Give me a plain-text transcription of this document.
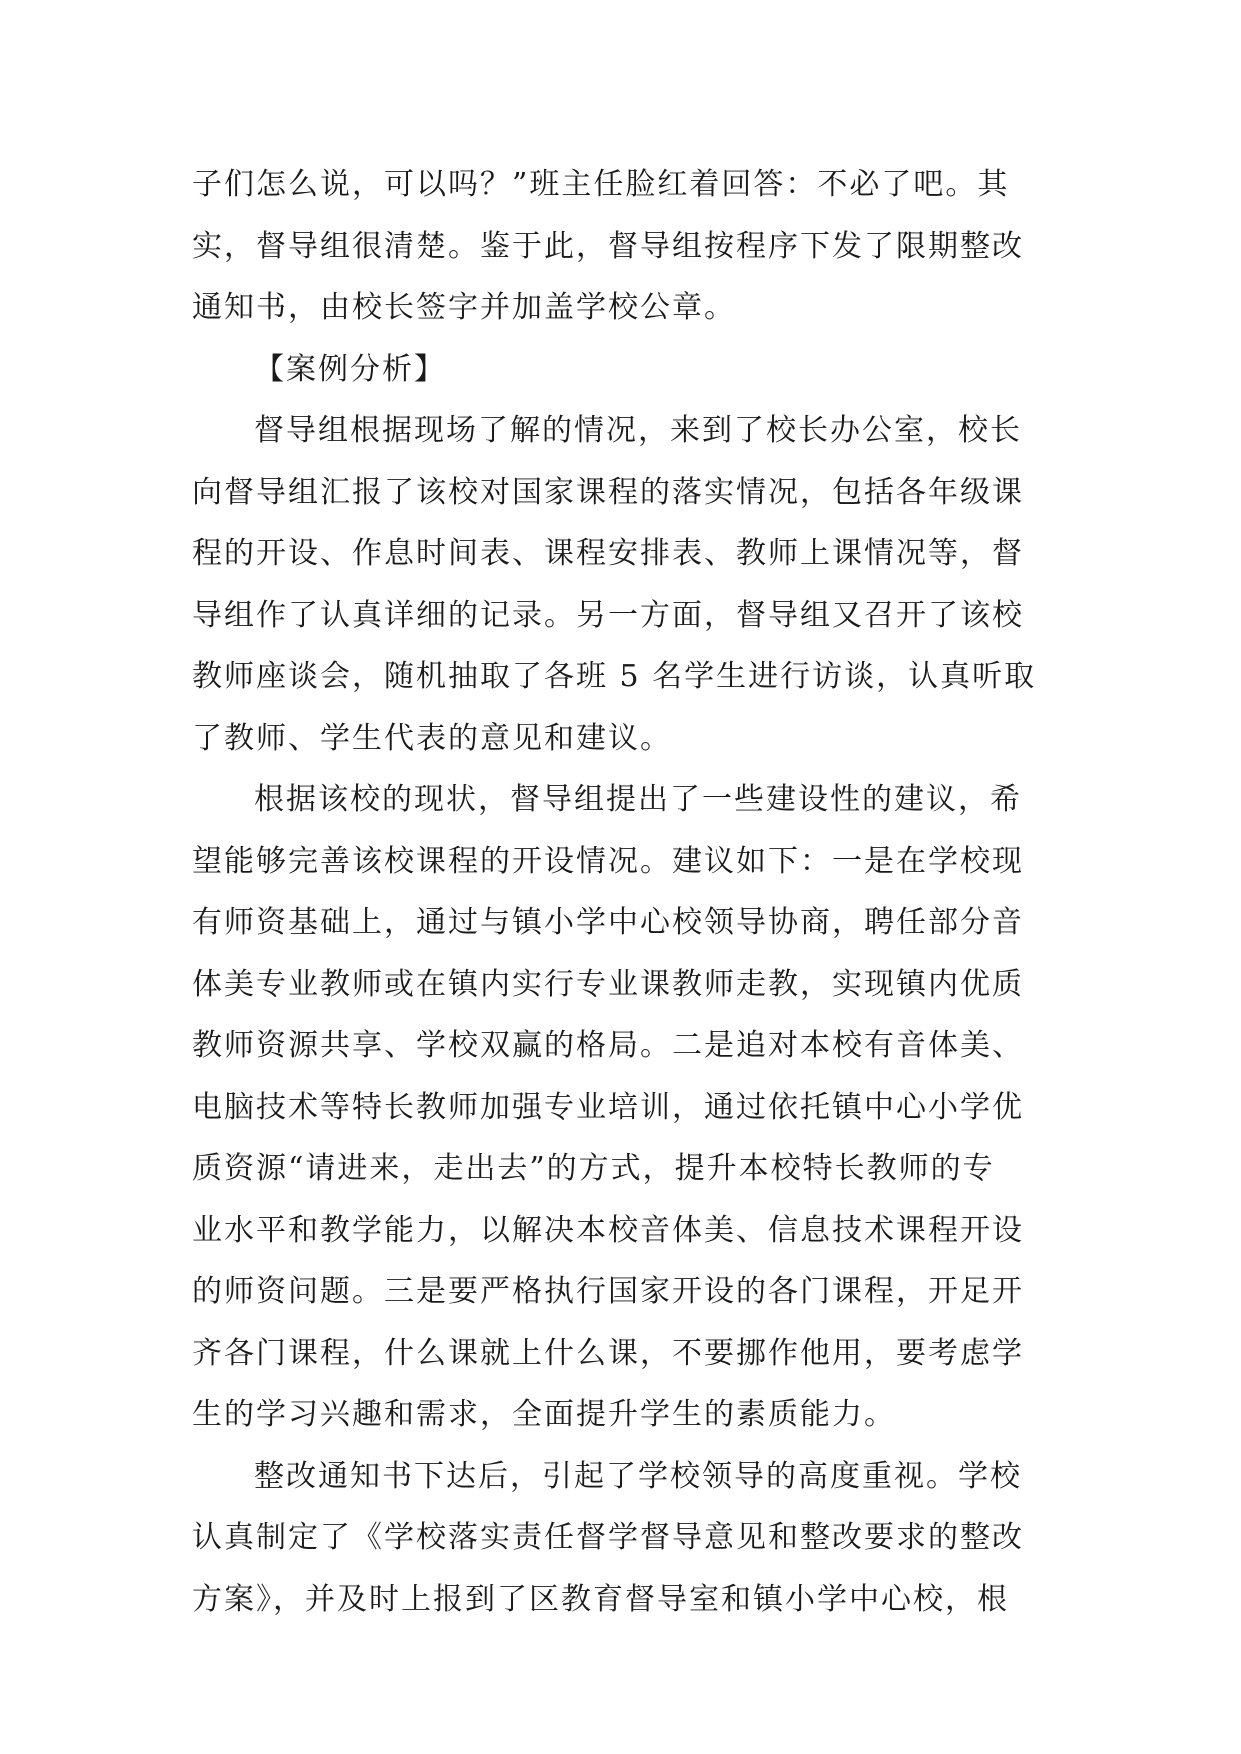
子们怎么说，可以吗？”班主任脸红着回答：不必了吧。其
实，督导组很清楚。鉴于此，督导组按程序下发了限期整改
通知书，由校长签字并加盖学校公章。
【案例分析】
督导组根据现场了解的情况，来到了校长办公室，校长
向督导组汇报了该校对国家课程的落实情况，包括各年级课
程的开设、作息时间表、课程安排表、教师上课情况等，督
导组作了认真详细的记录。另一方面，督导组又召开了该校
教师座谈会，随机抽取了各班 5 名学生进行访谈，认真听取
了教师、学生代表的意见和建议。
根据该校的现状，督导组提出了一些建设性的建议，希
望能够完善该校课程的开设情况。建议如下：一是在学校现
有师资基础上，通过与镇小学中心校领导协商，聘任部分音
体美专业教师或在镇内实行专业课教师走教，实现镇内优质
教师资源共享、学校双赢的格局。二是追对本校有音体美、
电脑技术等特长教师加强专业培训，通过依托镇中心小学优
质资源“请进来，走出去”的方式，提升本校特长教师的专
业水平和教学能力，以解决本校音体美、信息技术课程开设
的师资问题。三是要严格执行国家开设的各门课程，开足开
齐各门课程，什么课就上什么课，不要挪作他用，要考虑学
生的学习兴趣和需求，全面提升学生的素质能力。
整改通知书下达后，引起了学校领导的高度重视。学校
认真制定了《学校落实责任督学督导意见和整改要求的整改
方案》，并及时上报到了区教育督导室和镇小学中心校，根
